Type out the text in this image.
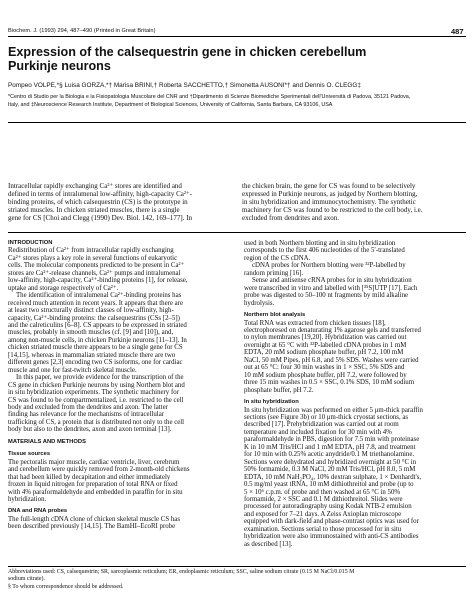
Biochem. J. (1993) 294, 487–490 (Printed in Great Britain)	487
Expression of the calsequestrin gene in chicken cerebellum
Purkinje neurons
Pompeo VOLPE,*§ Luisa GORZA,*† Marisa BRINI,† Roberta SACCHETTO,† Simonetta AUSONI*† and Dennis O. CLEGG‡
*Centro di Studio per la Biologia e la Fisiopatologia Muscolare del CNR and †Dipartimento di Scienze Biomediche Sperimentali dell'Università di Padova, 35121 Padova,
Italy, and ‡Neuroscience Research Institute, Department of Biological Sciences, University of California, Santa Barbara, CA 93106, USA
Intracellular rapidly exchanging Ca²⁺ stores are identified and
defined in terms of intralumenal low-affinity, high-capacity Ca²⁺-
binding proteins, of which calsequestrin (CS) is the prototype in
striated muscles. In chicken striated muscles, there is a single
gene for CS [Choi and Clegg (1990) Dev. Biol. 142, 169–177]. In
the chicken brain, the gene for CS was found to be selectively
expressed in Purkinje neurons, as judged by Northern blotting,
in situ hybridization and immunocytochemistry. The synthetic
machinery for CS was found to be restricted to the cell body, i.e.
excluded from dendrites and axon.
INTRODUCTION
Redistribution of Ca²⁺ from intracellular rapidly exchanging
Ca²⁺ stores plays a key role in several functions of eukaryotic
cells. The molecular components predicted to be present in Ca²⁺
stores are Ca²⁺-release channels, Ca²⁺ pumps and intralumenal
low-affinity, high-capacity, Ca²⁺-binding proteins [1], for release,
uptake and storage respectively of Ca²⁺.
The identification of intralumenal Ca²⁺-binding proteins has
received much attention in recent years. It appears that there are
at least two structurally distinct classes of low-affinity, high-
capacity, Ca²⁺-binding proteins: the calsequestrins (CSs [2–5])
and the calreticulins [6–8]. CS appears to be expressed in striated
muscles, probably in smooth muscles (cf. [9] and [10]), and,
among non-muscle cells, in chicken Purkinje neurons [11–13]. In
chicken striated muscle there appears to be a single gene for CS
[14,15], whereas in mammalian striated muscle there are two
different genes [2,3] encoding two CS isoforms, one for cardiac
muscle and one for fast-twitch skeletal muscle.
In this paper, we provide evidence for the transcription of the
CS gene in chicken Purkinje neurons by using Northern blot and
in situ hybridization experiments. The synthetic machinery for
CS was found to be compartmentalized, i.e. restricted to the cell
body and excluded from the dendrites and axon. The latter
finding has relevance for the mechanisms of intracellular
trafficking of CS, a protein that is distributed not only to the cell
body but also to the dendrites, axon and axon terminal [13].
MATERIALS AND METHODS
Tissue sources
The pectoralis major muscle, cardiac ventricle, liver, cerebrum
and cerebellum were quickly removed from 2-month-old chickens
that had been killed by decapitation and either immediately
frozen in liquid nitrogen for preparation of total RNA or fixed
with 4% paraformaldehyde and embedded in paraffin for in situ
hybridization.
DNA and RNA probes
The full-length cDNA clone of chicken skeletal muscle CS has
been described previously [14,15]. The BamHI–EcoRI probe
used in both Northern blotting and in situ hybridization
corresponds to the first 406 nucleotides of the 5′-translated
region of the CS cDNA.
cDNA probes for Northern blotting were ³²P-labelled by
random priming [16].
Sense and antisense cRNA probes for in situ hybridization
were transcribed in vitro and labelled with [³⁵S]UTP [17]. Each
probe was digested to 50–100 nt fragments by mild alkaline
hydrolysis.
Northern blot analysis
Total RNA was extracted from chicken tissues [18],
electrophoresed on denaturating 1% agarose gels and transferred
to nylon membranes [19,20]. Hybridization was carried out
overnight at 65 °C with ³²P-labelled cDNA probes in 1 mM
EDTA, 20 mM sodium phosphate buffer, pH 7.2, 100 mM
NaCl, 50 mM Pipes, pH 6.8, and 5% SDS. Washes were carried
out at 65 °C: four 30 min washes in 1 × SSC, 5% SDS and
10 mM sodium phosphate buffer, pH 7.2, were followed by
three 15 min washes in 0.5 × SSC, 0.1% SDS, 10 mM sodium
phosphate buffer, pH 7.2.
In situ hybridization
In situ hybridization was performed on either 5 μm-thick paraffin
sections (see Figure 3b) or 10 μm-thick cryostat sections, as
described [17]. Prehybridization was carried out at room
temperature and included fixation for 30 min with 4%
paraformaldehyde in PBS, digestion for 7.5 min with proteinase
K in 10 mM Tris/HCl and 1 mM EDTA, pH 7.8, and treatment
for 10 min with 0.25% acetic anydride/0.1 M triethanolamine.
Sections were dehydrated and hybridized overnight at 50 °C in
50% formamide, 0.3 M NaCl, 20 mM Tris/HCl, pH 8.0, 5 mM
EDTA, 10 mM NaH₂PO₄, 10% dextran sulphate, 1 × Denhardt's,
0.5 mg/ml yeast tRNA, 10 mM dithiothreitol and probe (up to
5 × 10⁶ c.p.m. of probe and then washed at 65 °C in 50%
formamide, 2 × SSC and 0.1 M dithiothreitol. Slides were
processed for autoradiography using Kodak NTB-2 emulsion
and exposed for 7–21 days. A Zeiss Axioplan microscope
equipped with dark-field and phase-contrast optics was used for
examination. Sections serial to those processed for in situ
hybridization were also immunostained with anti-CS antibodies
as described [13].
Abbreviations used: CS, calsequestrin; SR, sarcoplasmic reticulum; ER, endoplasmic reticulum; SSC, saline sodium citrate (0.15 M NaCl/0.015 M
sodium citrate).
§ To whom correspondence should be addressed.
